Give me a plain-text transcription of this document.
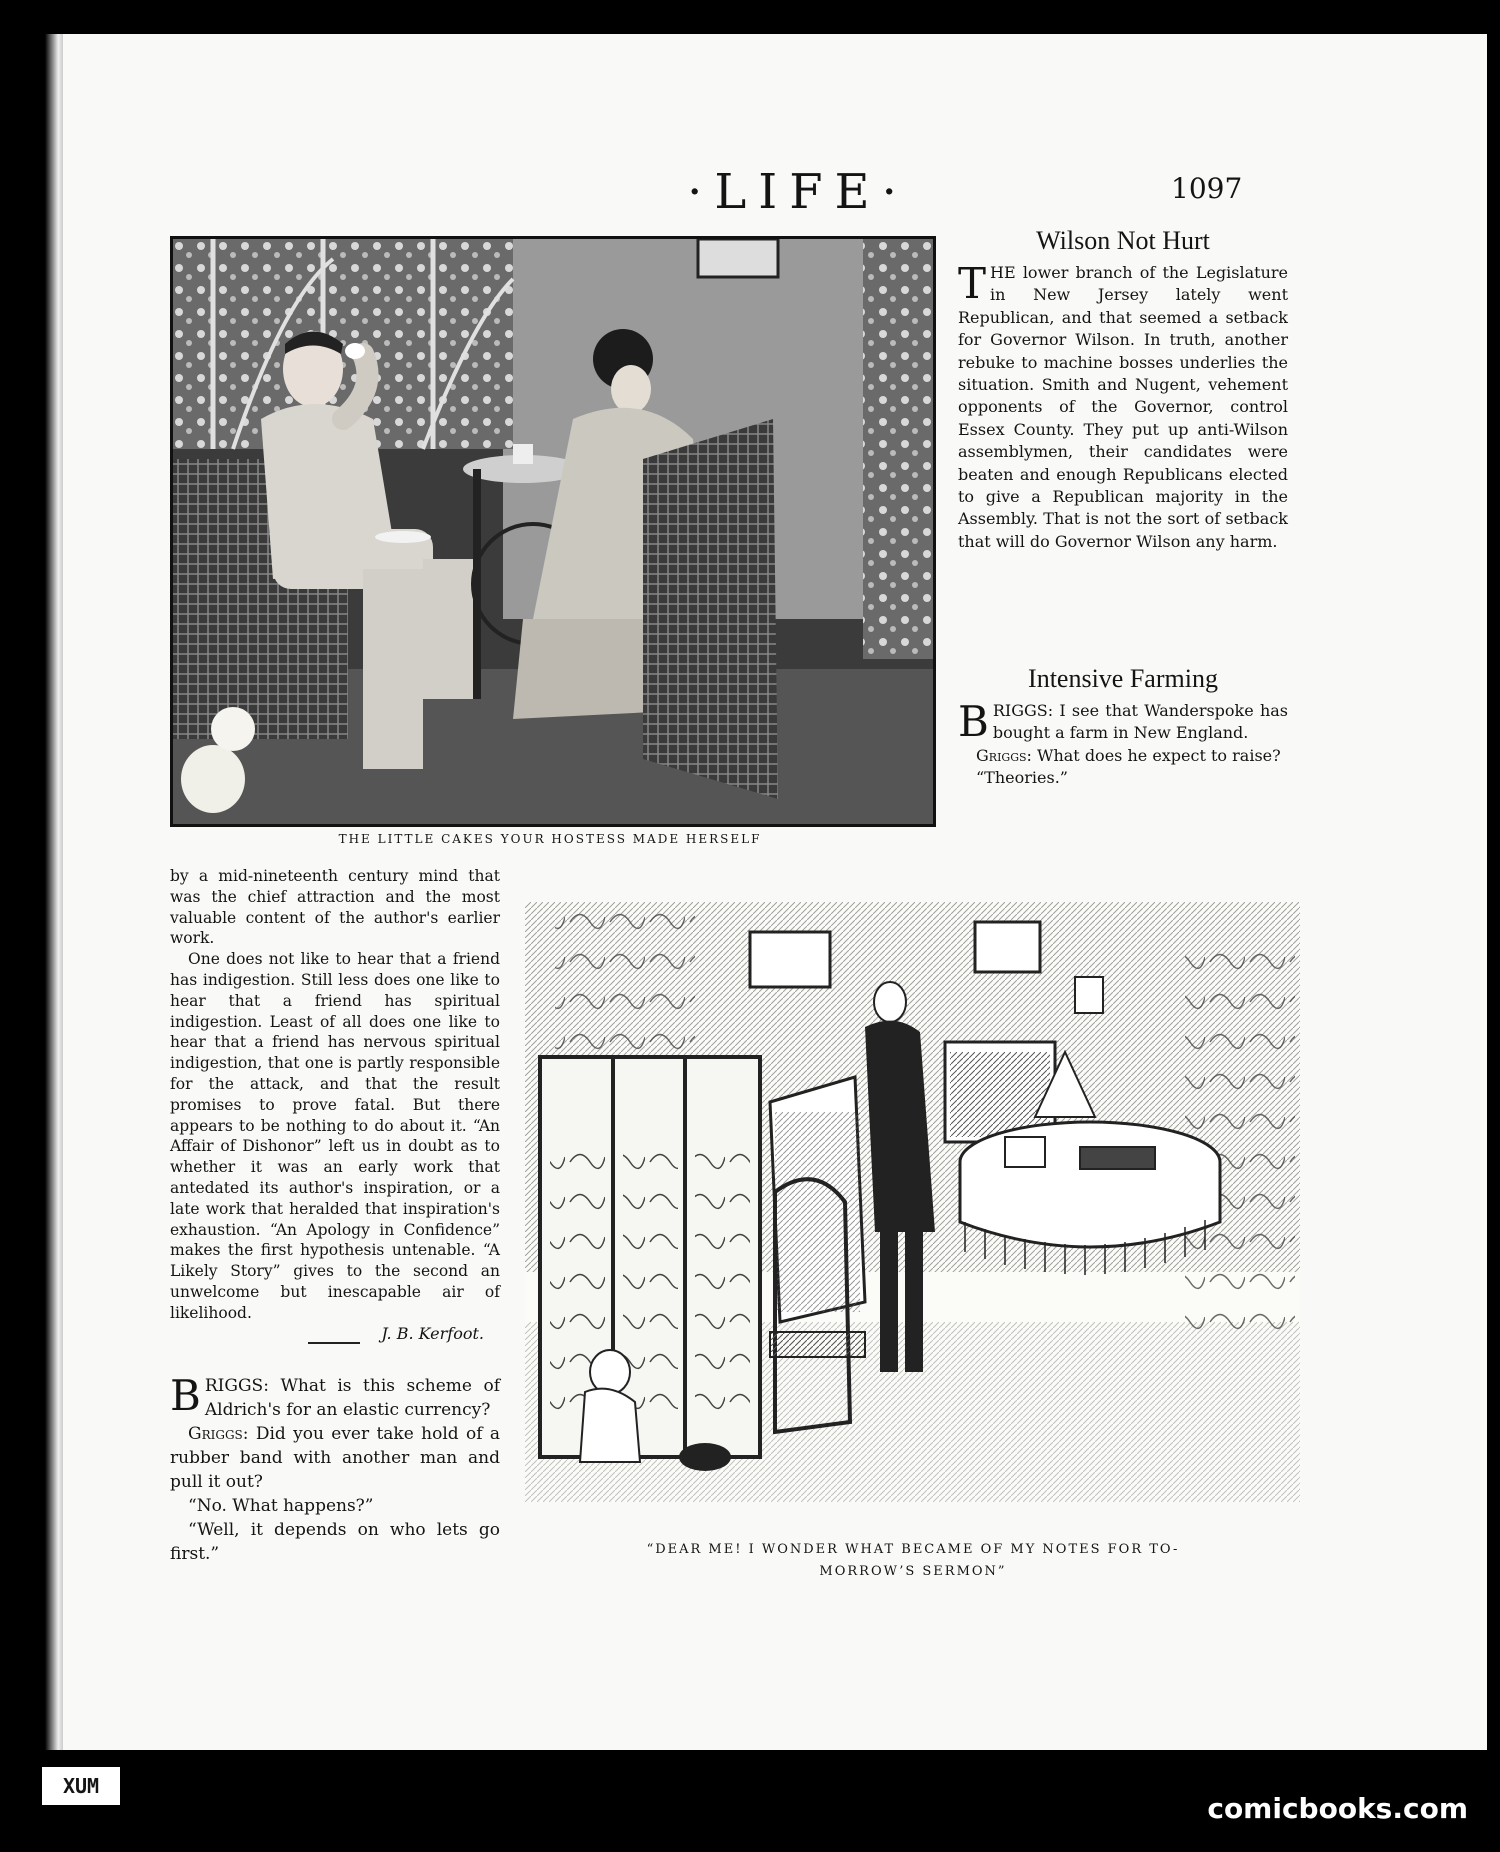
·LIFE·	1097
THE LITTLE CAKES YOUR HOSTESS MADE HERSELF
Wilson Not Hurt
THE lower branch of the Legislature in New Jersey lately went Republican, and that seemed a setback for Governor Wilson. In truth, another rebuke to machine bosses underlies the situation. Smith and Nugent, vehement opponents of the Governor, control Essex County. They put up anti-Wilson assemblymen, their candidates were beaten and enough Republicans elected to give a Republican majority in the Assembly. That is not the sort of setback that will do Governor Wilson any harm.
Intensive Farming
BRIGGS: I see that Wanderspoke has bought a farm in New England.
Griggs: What does he expect to raise?
“Theories.”
by a mid-nineteenth century mind that was the chief attraction and the most valuable content of the author's earlier work.
One does not like to hear that a friend has indigestion. Still less does one like to hear that a friend has spiritual indigestion. Least of all does one like to hear that a friend has nervous spiritual indigestion, that one is partly responsible for the attack, and that the result promises to prove fatal. But there appears to be nothing to do about it. “An Affair of Dishonor” left us in doubt as to whether it was an early work that antedated its author's inspiration, or a late work that heralded that inspiration's exhaustion. “An Apology in Confidence” makes the first hypothesis untenable. “A Likely Story” gives to the second an unwelcome but inescapable air of likelihood.
J. B. Kerfoot.
BRIGGS: What is this scheme of Aldrich's for an elastic currency?
Griggs: Did you ever take hold of a rubber band with another man and pull it out?
“No. What happens?”
“Well, it depends on who lets go first.”	“DEAR ME! I WONDER WHAT BECAME OF MY NOTES FOR TO-
MORROW’S SERMON”
XUM
comicbooks.com
